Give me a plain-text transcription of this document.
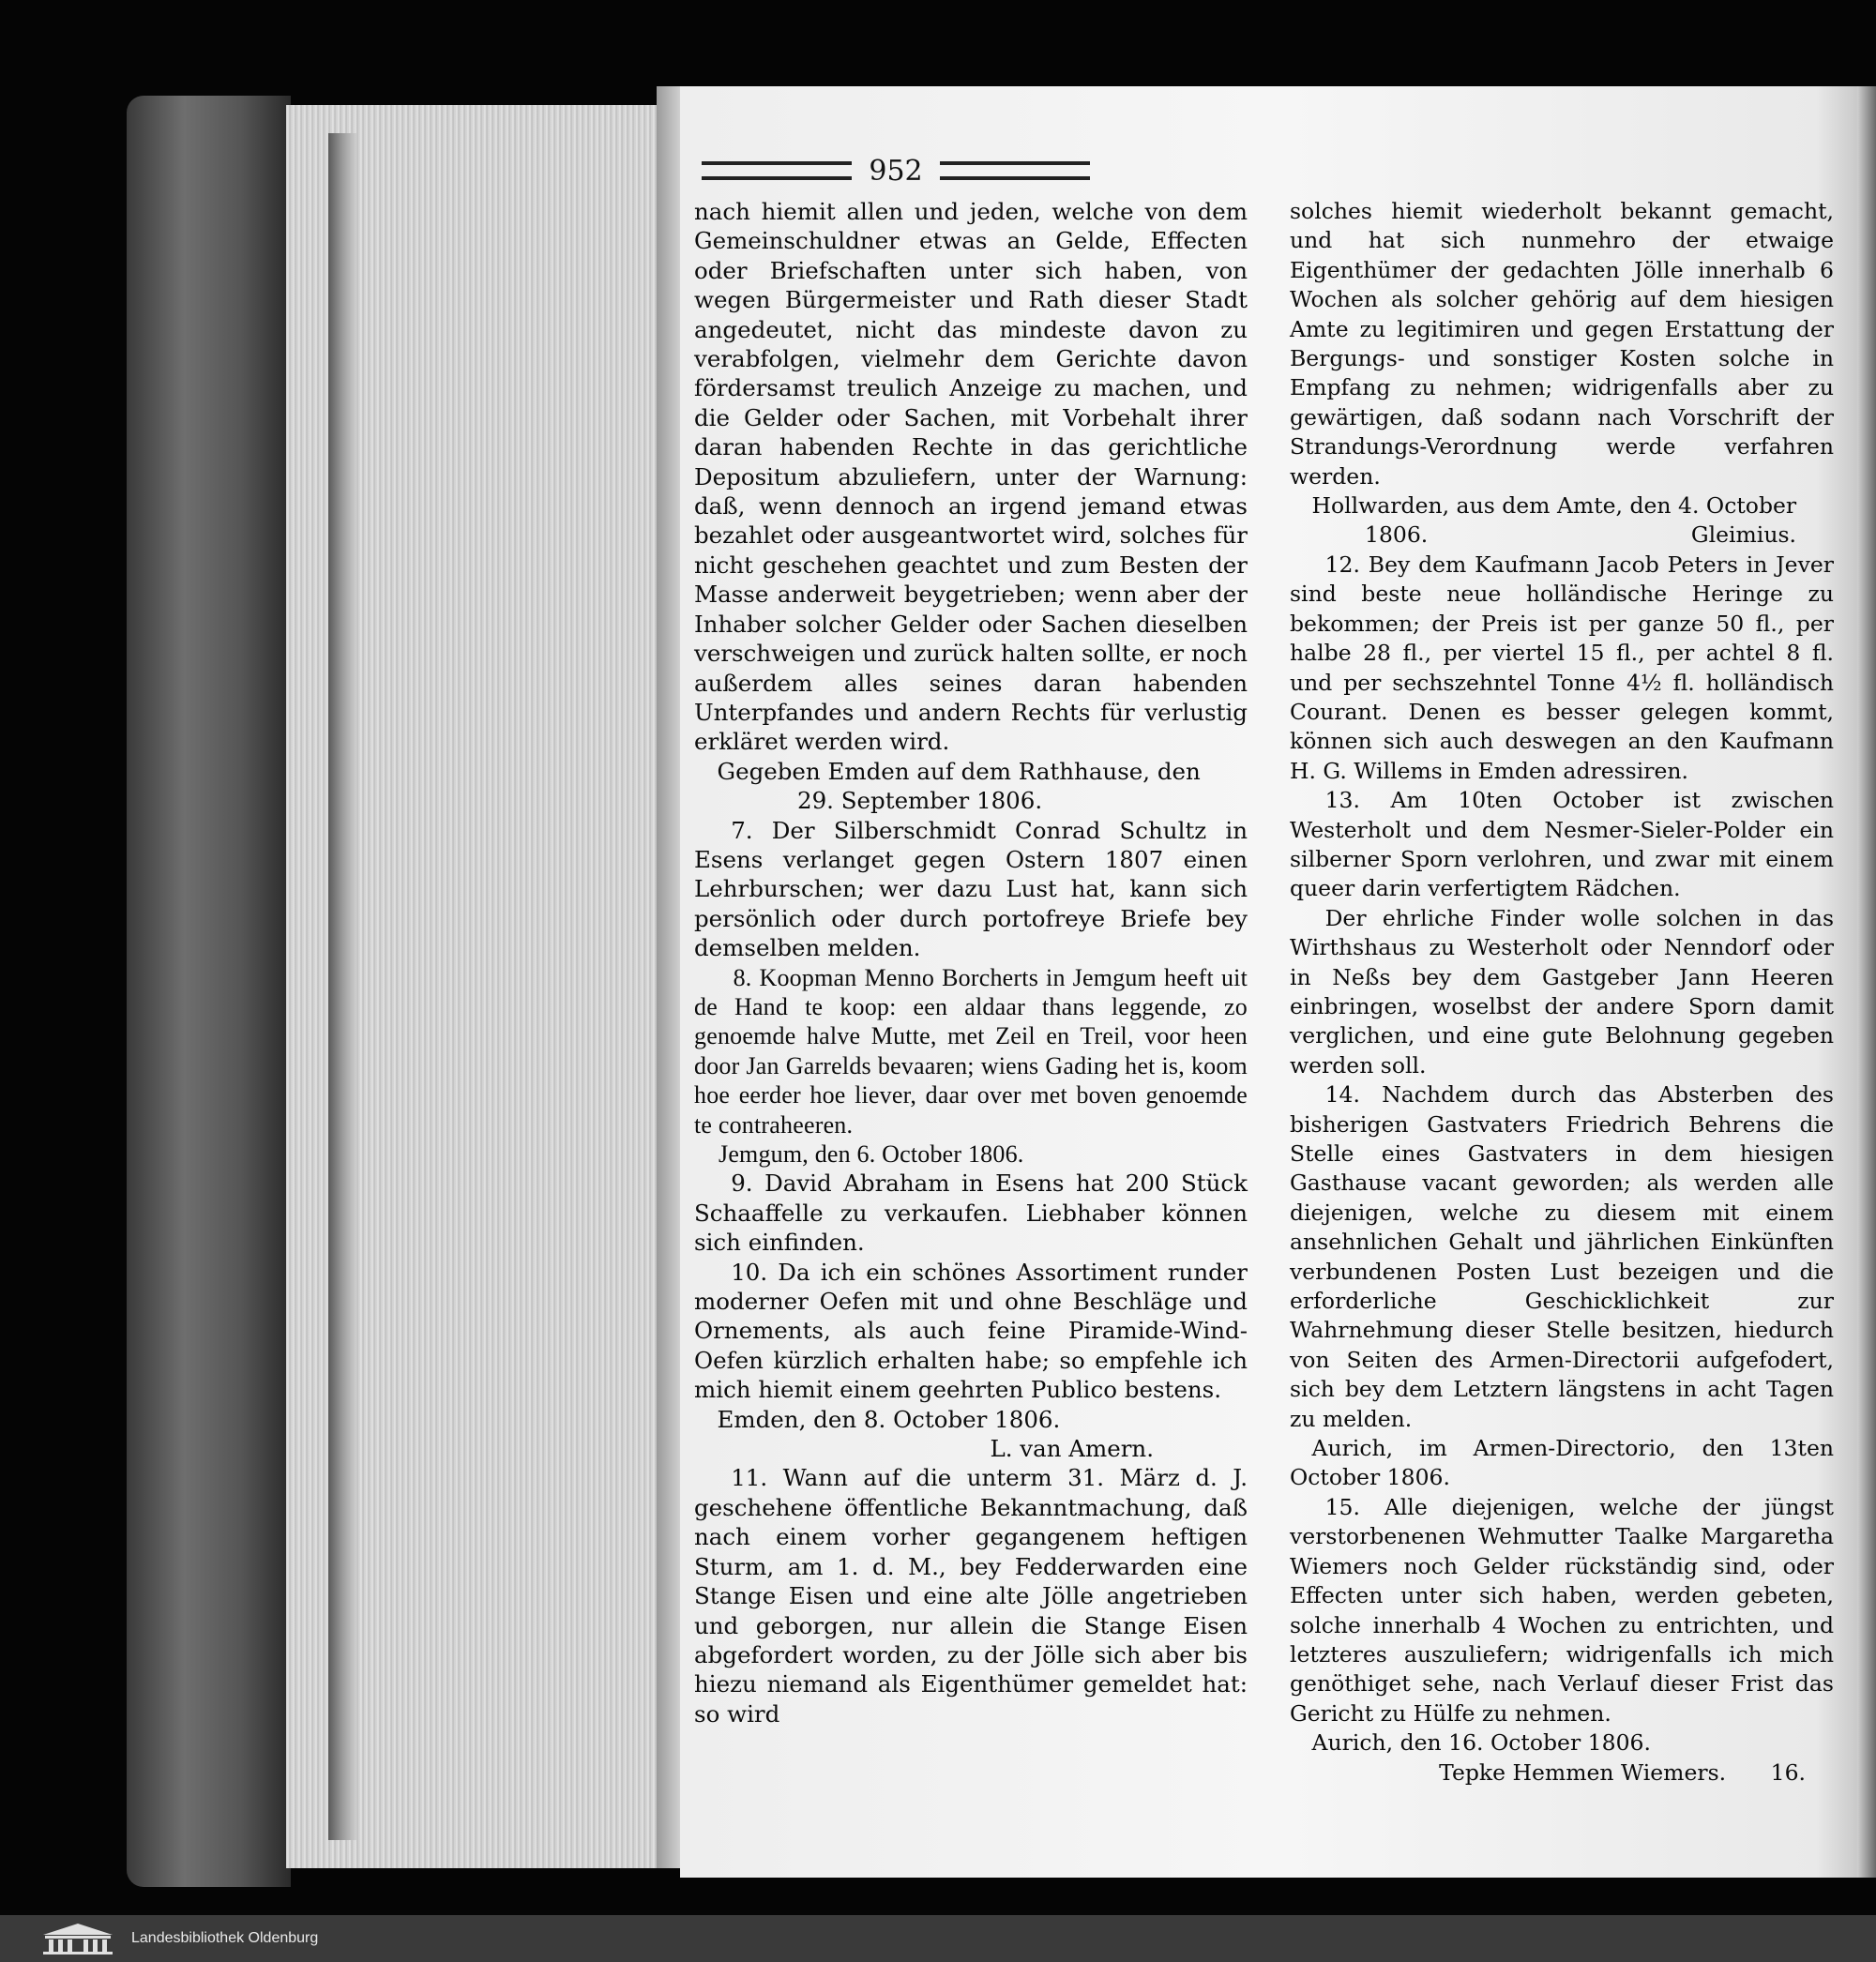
952

nach hiemit allen und jeden, welche von dem Gemeinschuldner etwas an Gelde, Effecten oder Briefschaften unter sich haben, von wegen Bürgermeister und Rath dieser Stadt angedeutet, nicht das mindeste davon zu verabfolgen, vielmehr dem Gerichte davon fördersamst treulich Anzeige zu machen, und die Gelder oder Sachen, mit Vorbehalt ihrer daran habenden Rechte in das gerichtliche Depositum abzuliefern, unter der Warnung: daß, wenn dennoch an irgend jemand etwas bezahlet oder ausgeantwortet wird, solches für nicht geschehen geachtet und zum Besten der Masse anderweit beygetrieben; wenn aber der Inhaber solcher Gelder oder Sachen dieselben verschweigen und zurück halten sollte, er noch außerdem alles seines daran habenden Unterpfandes und andern Rechts für verlustig erkläret werden wird.

Gegeben Emden auf dem Rathhause, den

29. September 1806.

7. Der Silberschmidt Conrad Schultz in Esens verlanget gegen Ostern 1807 einen Lehrburschen; wer dazu Lust hat, kann sich persönlich oder durch portofreye Briefe bey demselben melden.

8. Koopman Menno Borcherts in Jemgum heeft uit de Hand te koop: een aldaar thans leggende, zo genoemde halve Mutte, met Zeil en Treil, voor heen door Jan Garrelds bevaaren; wiens Gading het is, koom hoe eerder hoe liever, daar over met boven genoemde te contraheeren.

Jemgum, den 6. October 1806.

9. David Abraham in Esens hat 200 Stück Schaaffelle zu verkaufen. Liebhaber können sich einfinden.

10. Da ich ein schönes Assortiment runder moderner Oefen mit und ohne Beschläge und Ornements, als auch feine Piramide-Wind-Oefen kürzlich erhalten habe; so empfehle ich mich hiemit einem geehrten Publico bestens.

Emden, den 8. October 1806.

L. van Amern.

11. Wann auf die unterm 31. März d. J. geschehene öffentliche Bekanntmachung, daß nach einem vorher gegangenem heftigen Sturm, am 1. d. M., bey Fedderwarden eine Stange Eisen und eine alte Jölle angetrieben und geborgen, nur allein die Stange Eisen abgefordert worden, zu der Jölle sich aber bis hiezu niemand als Eigenthümer gemeldet hat: so wird

solches hiemit wiederholt bekannt gemacht, und hat sich nunmehro der etwaige Eigenthümer der gedachten Jölle innerhalb 6 Wochen als solcher gehörig auf dem hiesigen Amte zu legitimiren und gegen Erstattung der Bergungs- und sonstiger Kosten solche in Empfang zu nehmen; widrigenfalls aber zu gewärtigen, daß sodann nach Vorschrift der Strandungs-Verordnung werde verfahren werden.

Hollwarden, aus dem Amte, den 4. October

1806.	Gleimius.

12. Bey dem Kaufmann Jacob Peters in Jever sind beste neue holländische Heringe zu bekommen; der Preis ist per ganze 50 fl., per halbe 28 fl., per viertel 15 fl., per achtel 8 fl. und per sechszehntel Tonne 4½ fl. holländisch Courant. Denen es besser gelegen kommt, können sich auch deswegen an den Kaufmann H. G. Willems in Emden adressiren.

13. Am 10ten October ist zwischen Westerholt und dem Nesmer-Sieler-Polder ein silberner Sporn verlohren, und zwar mit einem queer darin verfertigtem Rädchen.

Der ehrliche Finder wolle solchen in das Wirthshaus zu Westerholt oder Nenndorf oder in Neßs bey dem Gastgeber Jann Heeren einbringen, woselbst der andere Sporn damit verglichen, und eine gute Belohnung gegeben werden soll.

14. Nachdem durch das Absterben des bisherigen Gastvaters Friedrich Behrens die Stelle eines Gastvaters in dem hiesigen Gasthause vacant geworden; als werden alle diejenigen, welche zu diesem mit einem ansehnlichen Gehalt und jährlichen Einkünften verbundenen Posten Lust bezeigen und die erforderliche Geschicklichkeit zur Wahrnehmung dieser Stelle besitzen, hiedurch von Seiten des Armen-Directorii aufgefodert, sich bey dem Letztern längstens in acht Tagen zu melden.

Aurich, im Armen-Directorio, den 13ten October 1806.

15. Alle diejenigen, welche der jüngst verstorbenenen Wehmutter Taalke Margaretha Wiemers noch Gelder rückständig sind, oder Effecten unter sich haben, werden gebeten, solche innerhalb 4 Wochen zu entrichten, und letzteres auszuliefern; widrigenfalls ich mich genöthiget sehe, nach Verlauf dieser Frist das Gericht zu Hülfe zu nehmen.

Aurich, den 16. October 1806.

Tepke Hemmen Wiemers. 16.

Landesbibliothek Oldenburg
